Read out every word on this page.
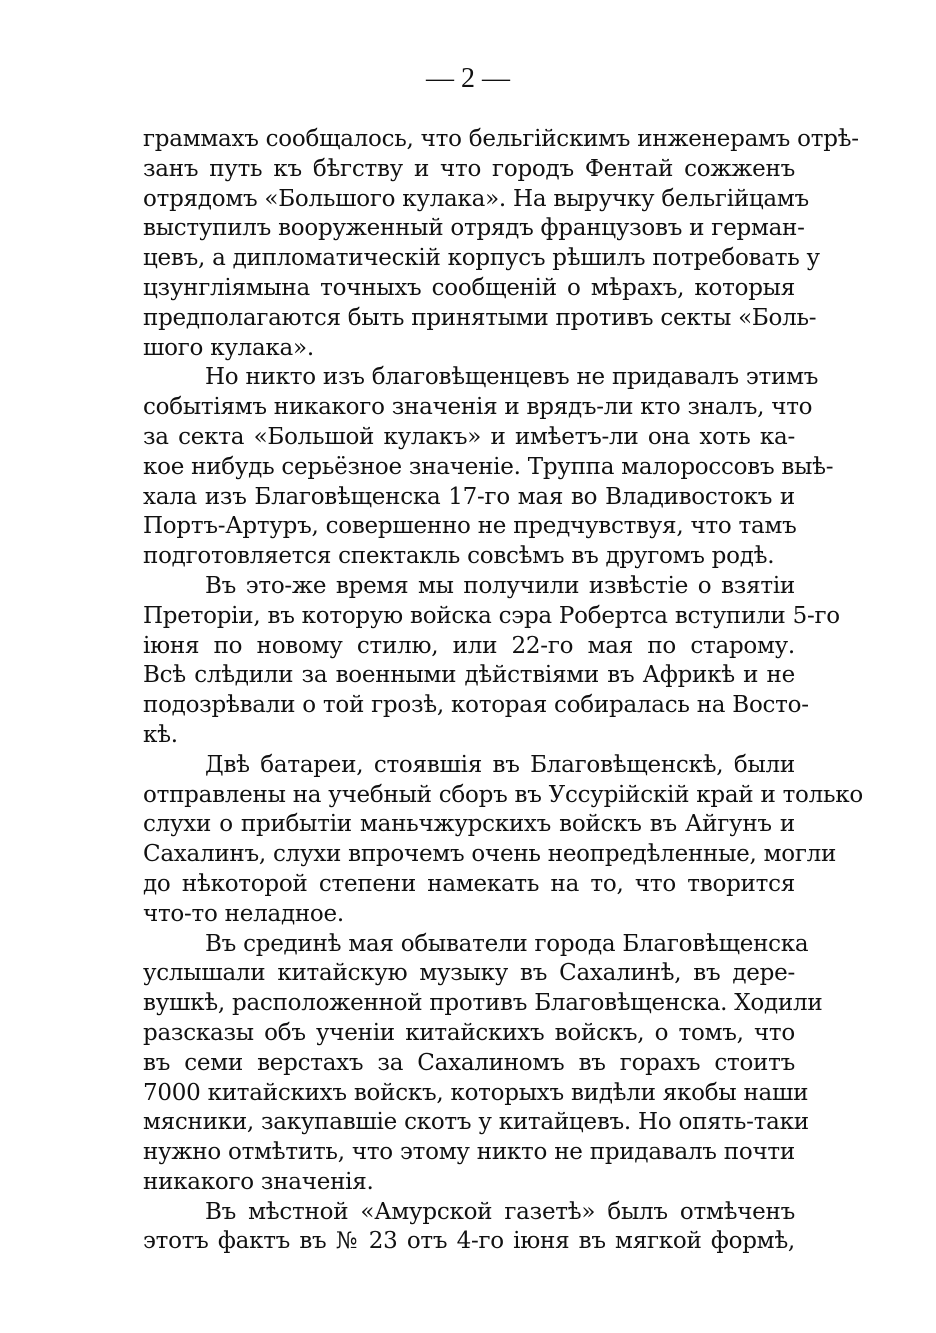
— 2 —
граммахъ сообщалось, что бельгiйскимъ инженерамъ отрѣ-
занъ путь къ бѣгству и что городъ Фентай сожженъ
отрядомъ «Большого кулака». На выручку бельгiйцамъ
выступилъ вооруженный отрядъ французовъ и герман-
цевъ, а дипломатическiй корпусъ рѣшилъ потребовать у
цзунглiямына точныхъ сообщенiй о мѣрахъ, которыя
предполагаются быть принятыми противъ секты «Боль-
шого кулака».
Но никто изъ благовѣщенцевъ не придавалъ этимъ
событiямъ никакого значенiя и врядъ-ли кто зналъ, что
за секта «Большой кулакъ» и имѣетъ-ли она хоть ка-
кое нибудь серьёзное значенiе. Труппа малороссовъ выѣ-
хала изъ Благовѣщенска 17-го мая во Владивостокъ и
Портъ-Артуръ, совершенно не предчувствуя, что тамъ
подготовляется спектакль совсѣмъ въ другомъ родѣ.
Въ это-же время мы получили извѣстiе о взятiи
Преторiи, въ которую войска сэра Робертса вступили 5-го
iюня по новому стилю, или 22-го мая по старому.
Всѣ слѣдили за военными дѣйствiями въ Африкѣ и не
подозрѣвали о той грозѣ, которая собиралась на Восто-
кѣ.
Двѣ батареи, стоявшiя въ Благовѣщенскѣ, были
отправлены на учебный сборъ въ Уссурiйскiй край и только
слухи о прибытiи маньчжурскихъ войскъ въ Айгунъ и
Сахалинъ, слухи впрочемъ очень неопредѣленные, могли
до нѣкоторой степени намекать на то, что творится
что-то неладное.
Въ срединѣ мая обыватели города Благовѣщенска
услышали китайскую музыку въ Сахалинѣ, въ дере-
вушкѣ, расположенной противъ Благовѣщенска. Ходили
разсказы объ ученiи китайскихъ войскъ, о томъ, что
въ семи верстахъ за Сахалиномъ въ горахъ стоитъ
7000 китайскихъ войскъ, которыхъ видѣли якобы наши
мясники, закупавшiе скотъ у китайцевъ. Но опять-таки
нужно отмѣтить, что этому никто не придавалъ почти
никакого значенiя.
Въ мѣстной «Амурской газетѣ» былъ отмѣченъ
этотъ фактъ въ № 23 отъ 4-го iюня въ мягкой формѣ,
